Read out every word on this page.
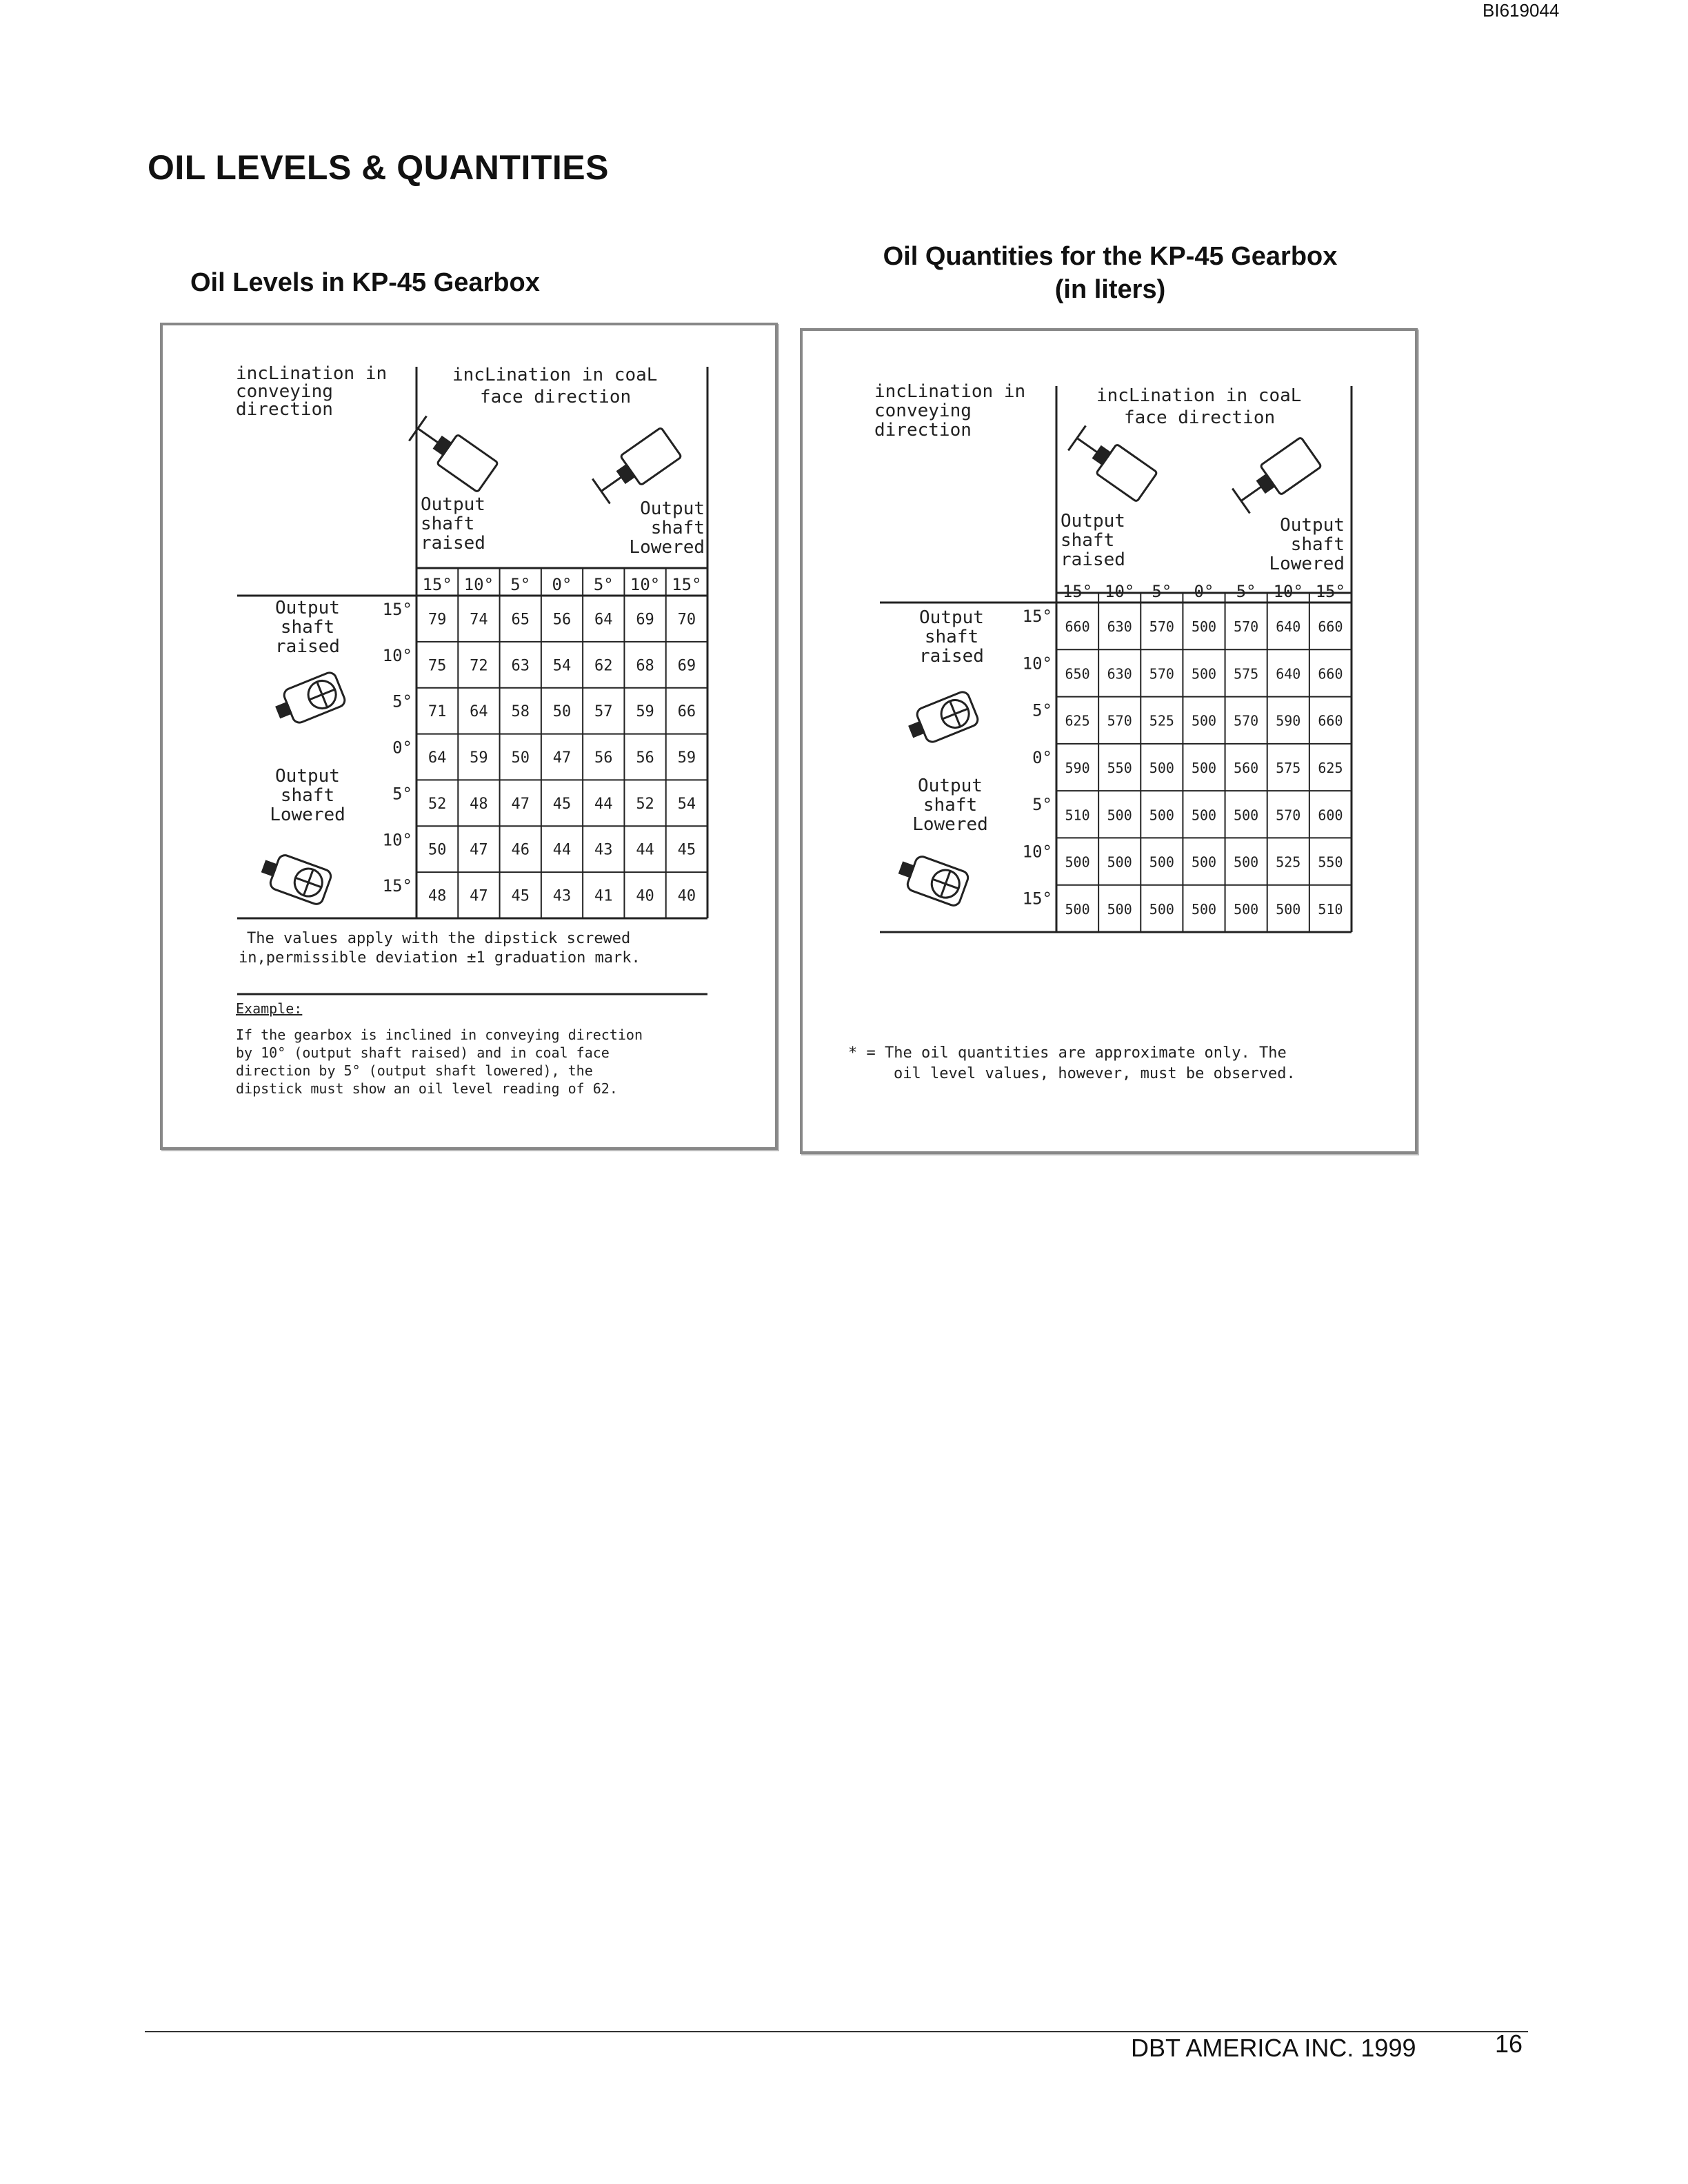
BI619044
OIL LEVELS & QUANTITIES
Oil Levels in KP-45 Gearbox
incLination in
conveying
direction
incLination in coaL
face direction
Output
shaft
raised
Output
shaft
Lowered
Output
shaft
raised
Output
shaft
Lowered
15° 10° 5° 0° 5° 10° 15°
15°
10°
5°
0°
5°
10°
15°
79 74 65 56 64 69 70
75 72 63 54 62 68 69
71 64 58 50 57 59 66
64 59 50 47 56 56 59
52 48 47 45 44 52 54
50 47 46 44 43 44 45
48 47 45 43 41 40 40
The values apply with the dipstick screwed
in,permissible deviation ±1 graduation mark.
Example:
If the gearbox is inclined in conveying direction
by 10° (output shaft raised) and in coal face
direction by 5° (output shaft lowered), the
dipstick must show an oil level reading of 62.
Oil Quantities for the KP-45 Gearbox
(in liters)
incLination in
conveying
direction
incLination in coaL
face direction
Output
shaft
raised
Output
shaft
Lowered
Output
shaft
raised
Output
shaft
Lowered
15° 10° 5° 0° 5° 10° 15°
15°
10°
5°
0°
5°
10°
15°
660 630 570 500 570 640 660
650 630 570 500 575 640 660
625 570 525 500 570 590 660
590 550 500 500 560 575 625
510 500 500 500 500 570 600
500 500 500 500 500 525 550
500 500 500 500 500 500 510
* = The oil quantities are approximate only. The
oil level values, however, must be observed.
DBT AMERICA INC. 1999	16
